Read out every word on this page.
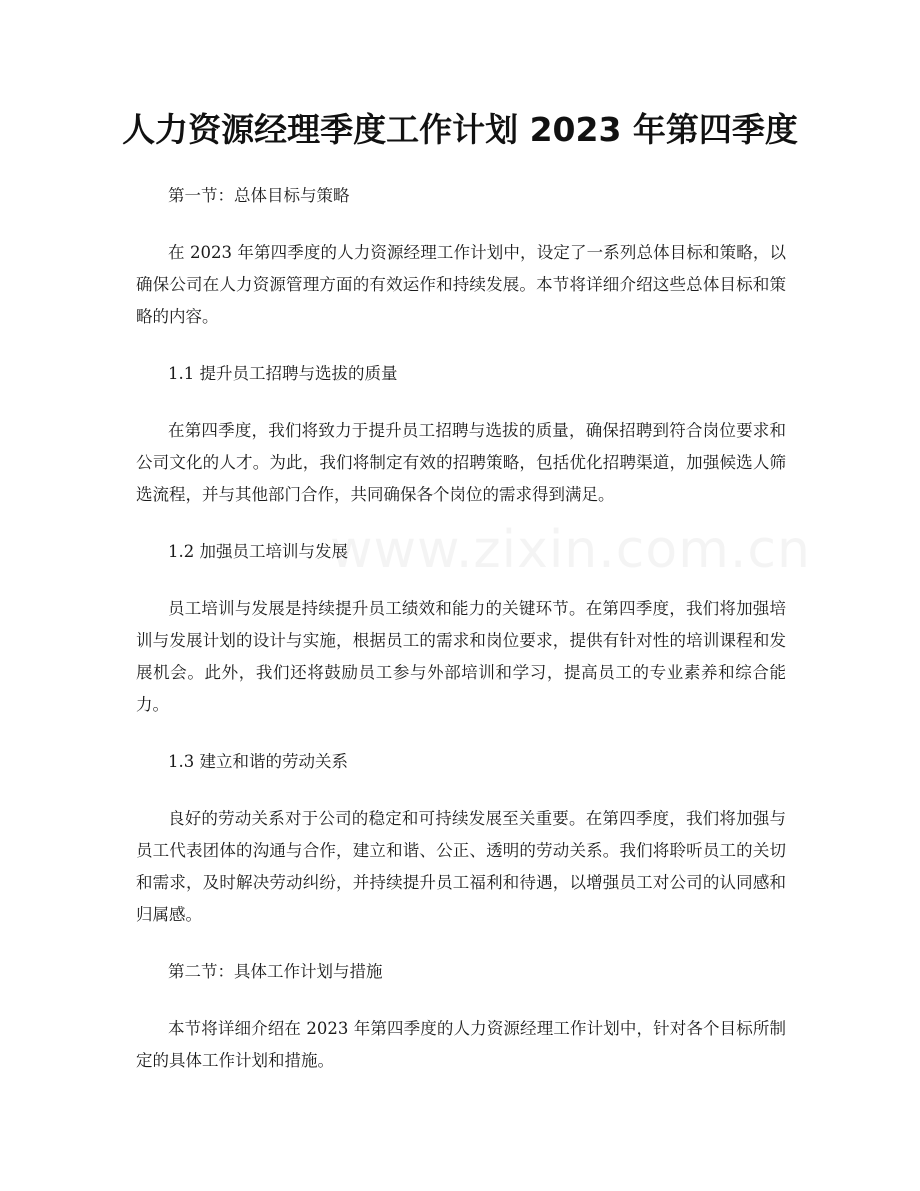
www.zixin.com.cn
人力资源经理季度工作计划 2023 年第四季度

第一节：总体目标与策略

在 2023 年第四季度的人力资源经理工作计划中，设定了一系列总体目标和策略，以确保公司在人力资源管理方面的有效运作和持续发展。本节将详细介绍这些总体目标和策略的内容。

1.1 提升员工招聘与选拔的质量

在第四季度，我们将致力于提升员工招聘与选拔的质量，确保招聘到符合岗位要求和公司文化的人才。为此，我们将制定有效的招聘策略，包括优化招聘渠道，加强候选人筛选流程，并与其他部门合作，共同确保各个岗位的需求得到满足。

1.2 加强员工培训与发展

员工培训与发展是持续提升员工绩效和能力的关键环节。在第四季度，我们将加强培训与发展计划的设计与实施，根据员工的需求和岗位要求，提供有针对性的培训课程和发展机会。此外，我们还将鼓励员工参与外部培训和学习，提高员工的专业素养和综合能力。

1.3 建立和谐的劳动关系

良好的劳动关系对于公司的稳定和可持续发展至关重要。在第四季度，我们将加强与员工代表团体的沟通与合作，建立和谐、公正、透明的劳动关系。我们将聆听员工的关切和需求，及时解决劳动纠纷，并持续提升员工福利和待遇，以增强员工对公司的认同感和归属感。

第二节：具体工作计划与措施

本节将详细介绍在 2023 年第四季度的人力资源经理工作计划中，针对各个目标所制定的具体工作计划和措施。
